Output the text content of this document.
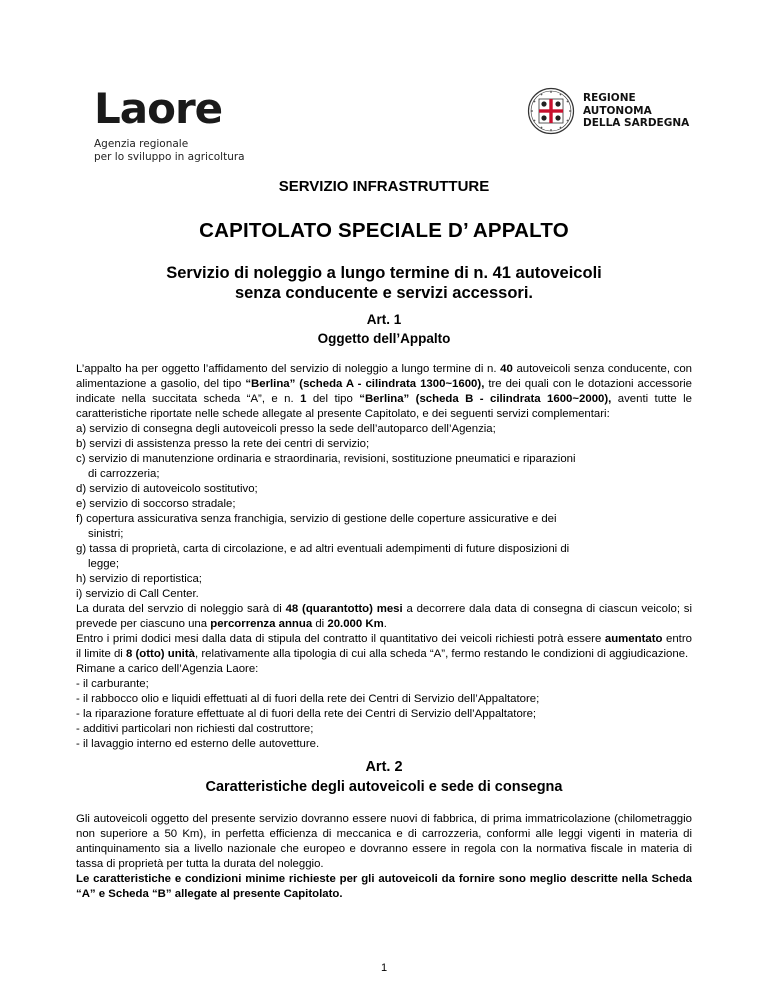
Laore
Agenzia regionale
per lo sviluppo in agricoltura
REGIONE
AUTONOMA
DELLA SARDEGNA
SERVIZIO INFRASTRUTTURE
CAPITOLATO SPECIALE D’ APPALTO
Servizio di noleggio a lungo termine di n. 41 autoveicoli
senza conducente e servizi accessori.
Art. 1
Oggetto dell’Appalto

L’appalto ha per oggetto l’affidamento del servizio di noleggio a lungo termine di n. 40 autoveicoli senza conducente, con alimentazione a gasolio, del tipo “Berlina” (scheda A - cilindrata 1300~1600), tre dei quali con le dotazioni accessorie indicate nella succitata scheda “A”, e n. 1 del tipo “Berlina” (scheda B - cilindrata 1600~2000), aventi tutte le caratteristiche riportate nelle schede allegate al presente Capitolato, e dei seguenti servizi complementari:

a) servizio di consegna degli autoveicoli presso la sede dell’autoparco dell’Agenzia;

b) servizi di assistenza presso la rete dei centri di servizio;

c) servizio di manutenzione ordinaria e straordinaria, revisioni, sostituzione pneumatici e riparazioni

di carrozzeria;

d) servizio di autoveicolo sostitutivo;

e) servizio di soccorso stradale;

f) copertura assicurativa senza franchigia, servizio di gestione delle coperture assicurative e dei

sinistri;

g) tassa di proprietà, carta di circolazione, e ad altri eventuali adempimenti di future disposizioni di

legge;

h) servizio di reportistica;

i) servizio di Call Center.

La durata del servzio di noleggio sarà di 48 (quarantotto) mesi a decorrere dala data di consegna di ciascun veicolo; si prevede per ciascuno una percorrenza annua di 20.000 Km.

Entro i primi dodici mesi dalla data di stipula del contratto il quantitativo dei veicoli richiesti potrà essere aumentato entro il limite di 8 (otto) unità, relativamente alla tipologia di cui alla scheda “A”, fermo restando le condizioni di aggiudicazione.

Rimane a carico dell’Agenzia Laore:

- il carburante;

- il rabbocco olio e liquidi effettuati al di fuori della rete dei Centri di Servizio dell’Appaltatore;

- la riparazione forature effettuate al di fuori della rete dei Centri di Servizio dell’Appaltatore;

- additivi particolari non richiesti dal costruttore;

- il lavaggio interno ed esterno delle autovetture.

Art. 2
Caratteristiche degli autoveicoli e sede di consegna

Gli autoveicoli oggetto del presente servizio dovranno essere nuovi di fabbrica, di prima immatricolazione (chilometraggio non superiore a 50 Km), in perfetta efficienza di meccanica e di carrozzeria, conformi alle leggi vigenti in materia di antinquinamento sia a livello nazionale che europeo e dovranno essere in regola con la normativa fiscale in materia di tassa di proprietà per tutta la durata del noleggio.

Le caratteristiche e condizioni minime richieste per gli autoveicoli da fornire sono meglio descritte nella Scheda “A” e Scheda “B” allegate al presente Capitolato.

1
